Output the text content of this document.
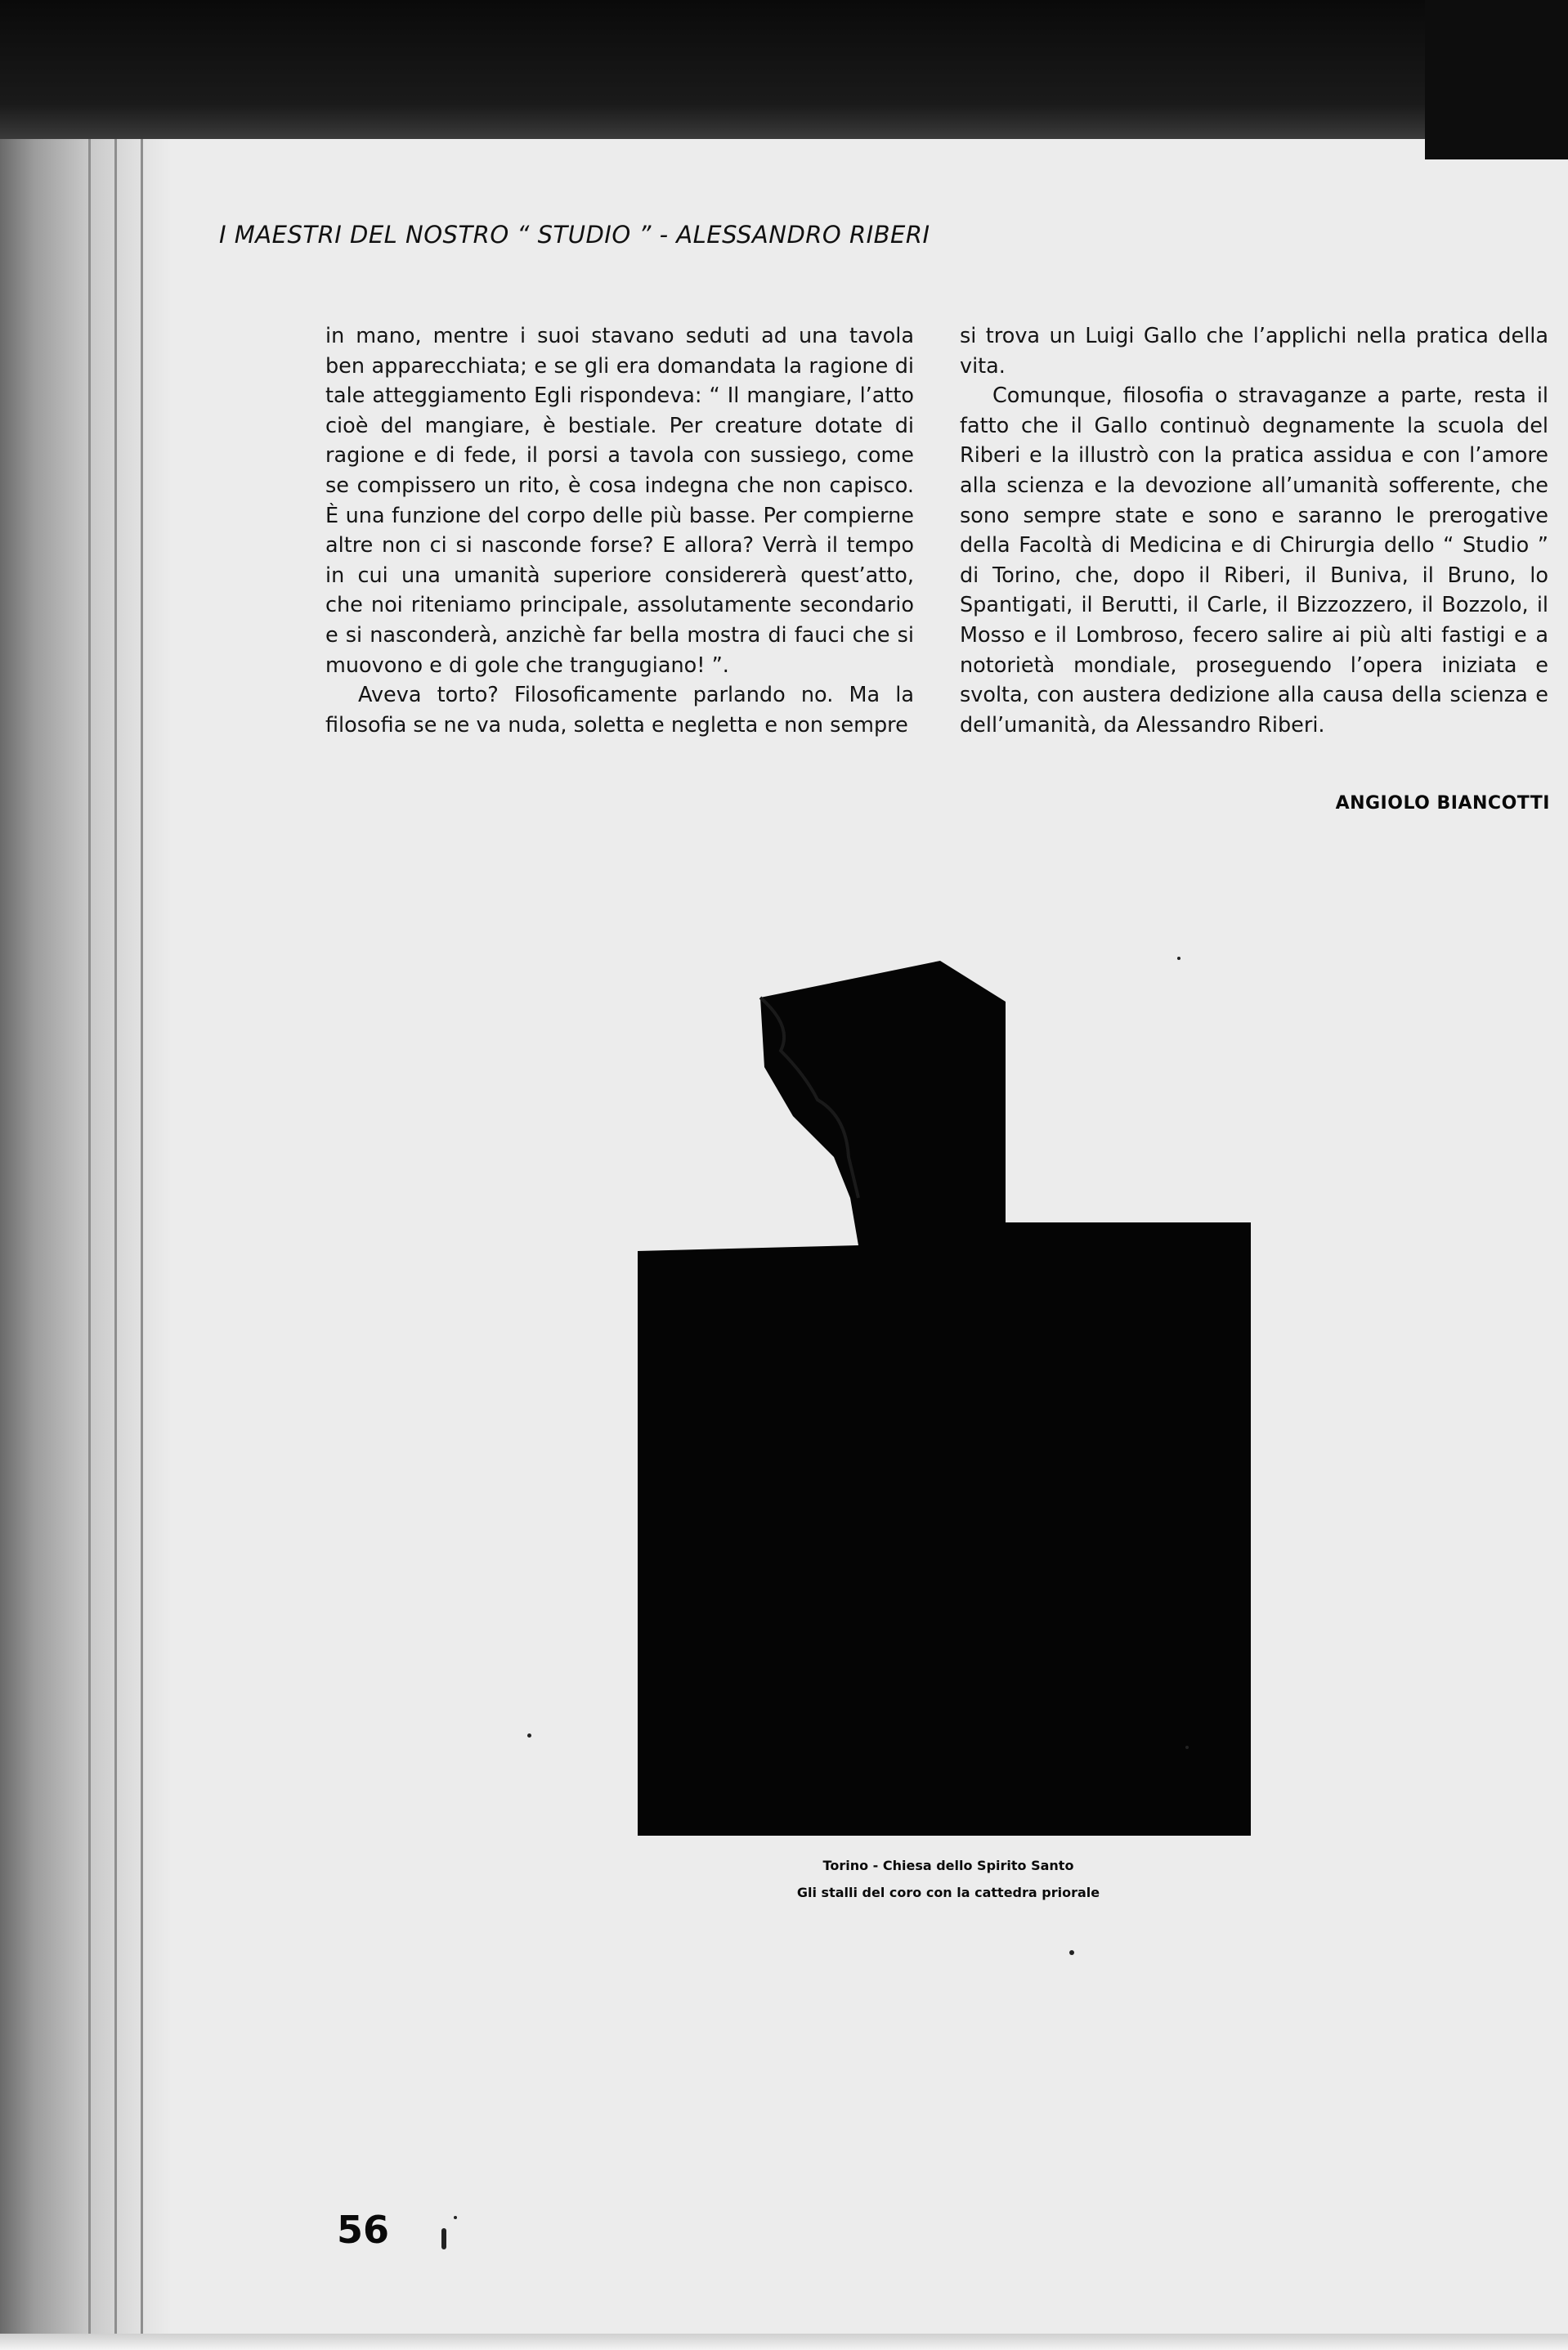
I MAESTRI DEL NOSTRO “ STUDIO ” - ALESSANDRO RIBERI

in mano, mentre i suoi stavano seduti ad una tavola ben apparecchiata; e se gli era domandata la ragione di tale atteggiamento Egli rispondeva: “ Il mangiare, l’atto cioè del mangiare, è bestiale. Per creature dotate di ragione e di fede, il porsi a tavola con sussiego, come se compissero un rito, è cosa indegna che non capisco. È una funzione del corpo delle più basse. Per compierne altre non ci si nasconde forse? E allora? Verrà il tempo in cui una umanità superiore considererà quest’atto, che noi riteniamo principale, assolutamente secondario e si nasconderà, anzichè far bella mostra di fauci che si muovono e di gole che trangugiano! ”.

Aveva torto? Filosoficamente parlando no. Ma la filosofia se ne va nuda, soletta e negletta e non sempre

si trova un Luigi Gallo che l’applichi nella pratica della vita.

Comunque, filosofia o stravaganze a parte, resta il fatto che il Gallo continuò degnamente la scuola del Riberi e la illustrò con la pratica assidua e con l’amore alla scienza e la devozione all’umanità sofferente, che sono sempre state e sono e saranno le prerogative della Facoltà di Medicina e di Chirurgia dello “ Studio ” di Torino, che, dopo il Riberi, il Buniva, il Bruno, lo Spantigati, il Berutti, il Carle, il Bizzozzero, il Bozzolo, il Mosso e il Lombroso, fecero salire ai più alti fastigi e a notorietà mondiale, proseguendo l’opera iniziata e svolta, con austera dedizione alla causa della scienza e dell’umanità, da Alessandro Riberi.

ANGIOLO BIANCOTTI
Torino - Chiesa dello Spirito Santo
Gli stalli del coro con la cattedra priorale
56
